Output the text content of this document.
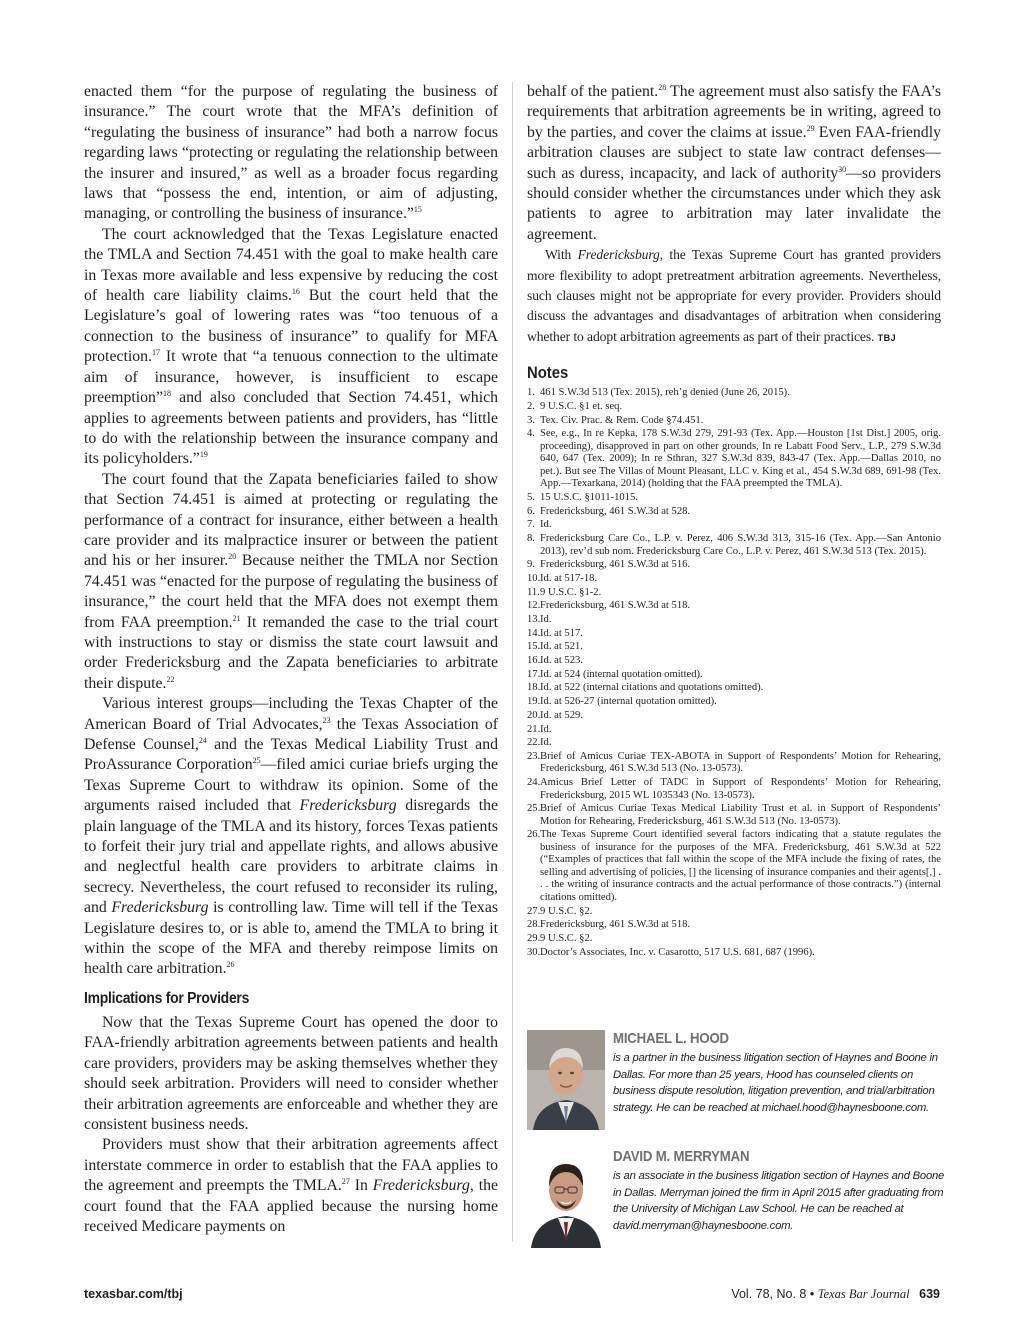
enacted them “for the purpose of regulating the business of insurance.” The court wrote that the MFA’s definition of “regulating the business of insurance” had both a narrow focus regarding laws “protecting or regulating the relationship between the insurer and insured,” as well as a broader focus regarding laws that “possess the end, intention, or aim of adjusting, managing, or controlling the business of insurance.”$^{15}$

The court acknowledged that the Texas Legislature enacted the TMLA and Section 74.451 with the goal to make health care in Texas more available and less expensive by reducing the cost of health care liability claims.$^{16}$ But the court held that the Legislature’s goal of lowering rates was “too tenuous of a connection to the business of insurance” to qualify for MFA protection.$^{17}$ It wrote that “a tenuous connection to the ultimate aim of insurance, however, is insufficient to escape preemption”$^{18}$ and also concluded that Section 74.451, which applies to agreements between patients and providers, has “little to do with the relationship between the insurance company and its policyholders.”$^{19}$

The court found that the Zapata beneficiaries failed to show that Section 74.451 is aimed at protecting or regulating the performance of a contract for insurance, either between a health care provider and its malpractice insurer or between the patient and his or her insurer.$^{20}$ Because neither the TMLA nor Section 74.451 was “enacted for the purpose of regulating the business of insurance,” the court held that the MFA does not exempt them from FAA preemption.$^{21}$ It remanded the case to the trial court with instructions to stay or dismiss the state court lawsuit and order Fredericksburg and the Zapata beneficiaries to arbitrate their dispute.$^{22}$

Various interest groups—including the Texas Chapter of the American Board of Trial Advocates,$^{23}$ the Texas Association of Defense Counsel,$^{24}$ and the Texas Medical Liability Trust and ProAssurance Corporation$^{25}$—filed amici curiae briefs urging the Texas Supreme Court to withdraw its opinion. Some of the arguments raised included that Fredericksburg disregards the plain language of the TMLA and its history, forces Texas patients to forfeit their jury trial and appellate rights, and allows abusive and neglectful health care providers to arbitrate claims in secrecy. Nevertheless, the court refused to reconsider its ruling, and Fredericksburg is controlling law. Time will tell if the Texas Legislature desires to, or is able to, amend the TMLA to bring it within the scope of the MFA and thereby reimpose limits on health care arbitration.$^{26}$

Implications for Providers

Now that the Texas Supreme Court has opened the door to FAA-friendly arbitration agreements between patients and health care providers, providers may be asking themselves whether they should seek arbitration. Providers will need to consider whether their arbitration agreements are enforceable and whether they are consistent business needs.

Providers must show that their arbitration agreements affect interstate commerce in order to establish that the FAA applies to the agreement and preempts the TMLA.$^{27}$ In Fredericksburg, the court found that the FAA applied because the nursing home received Medicare payments on

behalf of the patient.$^{28}$ The agreement must also satisfy the FAA’s requirements that arbitration agreements be in writing, agreed to by the parties, and cover the claims at issue.$^{29}$ Even FAA-friendly arbitration clauses are subject to state law contract defenses—such as duress, incapacity, and lack of authority$^{30}$—so providers should consider whether the circumstances under which they ask patients to agree to arbitration may later invalidate the agreement.

With Fredericksburg, the Texas Supreme Court has granted providers more flexibility to adopt pretreatment arbitration agreements. Nevertheless, such clauses might not be appropriate for every provider. Providers should discuss the advantages and disadvantages of arbitration when considering whether to adopt arbitration agreements as part of their practices. TBJ

Notes
1. 461 S.W.3d 513 (Tex. 2015), reh’g denied (June 26, 2015).
2. 9 U.S.C. §1 et. seq.
3. Tex. Civ. Prac. & Rem. Code §74.451.
4. See, e.g., In re Kepka, 178 S.W.3d 279, 291-93 (Tex. App.—Houston [1st Dist.] 2005, orig. proceeding), disapproved in part on other grounds, In re Labatt Food Serv., L.P., 279 S.W.3d 640, 647 (Tex. 2009); In re Sthran, 327 S.W.3d 839, 843-47 (Tex. App.—Dallas 2010, no pet.). But see The Villas of Mount Pleasant, LLC v. King et al., 454 S.W.3d 689, 691-98 (Tex. App.—Texarkana, 2014) (holding that the FAA preempted the TMLA).
5. 15 U.S.C. §1011-1015.
6. Fredericksburg, 461 S.W.3d at 528.
7. Id.
8. Fredericksburg Care Co., L.P. v. Perez, 406 S.W.3d 313, 315-16 (Tex. App.—San Antonio 2013), rev’d sub nom. Fredericksburg Care Co., L.P. v. Perez, 461 S.W.3d 513 (Tex. 2015).
9. Fredericksburg, 461 S.W.3d at 516.
10.Id. at 517-18.
11.9 U.S.C. §1-2.
12.Fredericksburg, 461 S.W.3d at 518.
13.Id.
14.Id. at 517.
15.Id. at 521.
16.Id. at 523.
17.Id. at 524 (internal quotation omitted).
18.Id. at 522 (internal citations and quotations omitted).
19.Id. at 526-27 (internal quotation omitted).
20.Id. at 529.
21.Id.
22.Id.
23.Brief of Amicus Curiae TEX-ABOTA in Support of Respondents’ Motion for Rehearing, Fredericksburg, 461 S.W.3d 513 (No. 13-0573).
24.Amicus Brief Letter of TADC in Support of Respondents’ Motion for Rehearing, Fredericksburg, 2015 WL 1035343 (No. 13-0573).
25.Brief of Amicus Curiae Texas Medical Liability Trust et al. in Support of Respondents’ Motion for Rehearing, Fredericksburg, 461 S.W.3d 513 (No. 13-0573).
26.The Texas Supreme Court identified several factors indicating that a statute regulates the business of insurance for the purposes of the MFA. Fredericksburg, 461 S.W.3d at 522 (“Examples of practices that fall within the scope of the MFA include the fixing of rates, the selling and advertising of policies, [] the licensing of insurance companies and their agents[,] . . . the writing of insurance contracts and the actual performance of those contracts.”) (internal citations omitted).
27.9 U.S.C. §2.
28.Fredericksburg, 461 S.W.3d at 518.
29.9 U.S.C. §2.
30.Doctor’s Associates, Inc. v. Casarotto, 517 U.S. 681, 687 (1996).
MICHAEL L. HOOD

is a partner in the business litigation section of Haynes and Boone in Dallas. For more than 25 years, Hood has counseled clients on business dispute resolution, litigation prevention, and trial/arbitration strategy. He can be reached at michael.hood@haynesboone.com.

DAVID M. MERRYMAN

is an associate in the business litigation section of Haynes and Boone in Dallas. Merryman joined the firm in April 2015 after graduating from the University of Michigan Law School. He can be reached at david.merryman@haynesboone.com.

texasbar.com/tbj	Vol. 78, No. 8 • Texas Bar Journal 639
